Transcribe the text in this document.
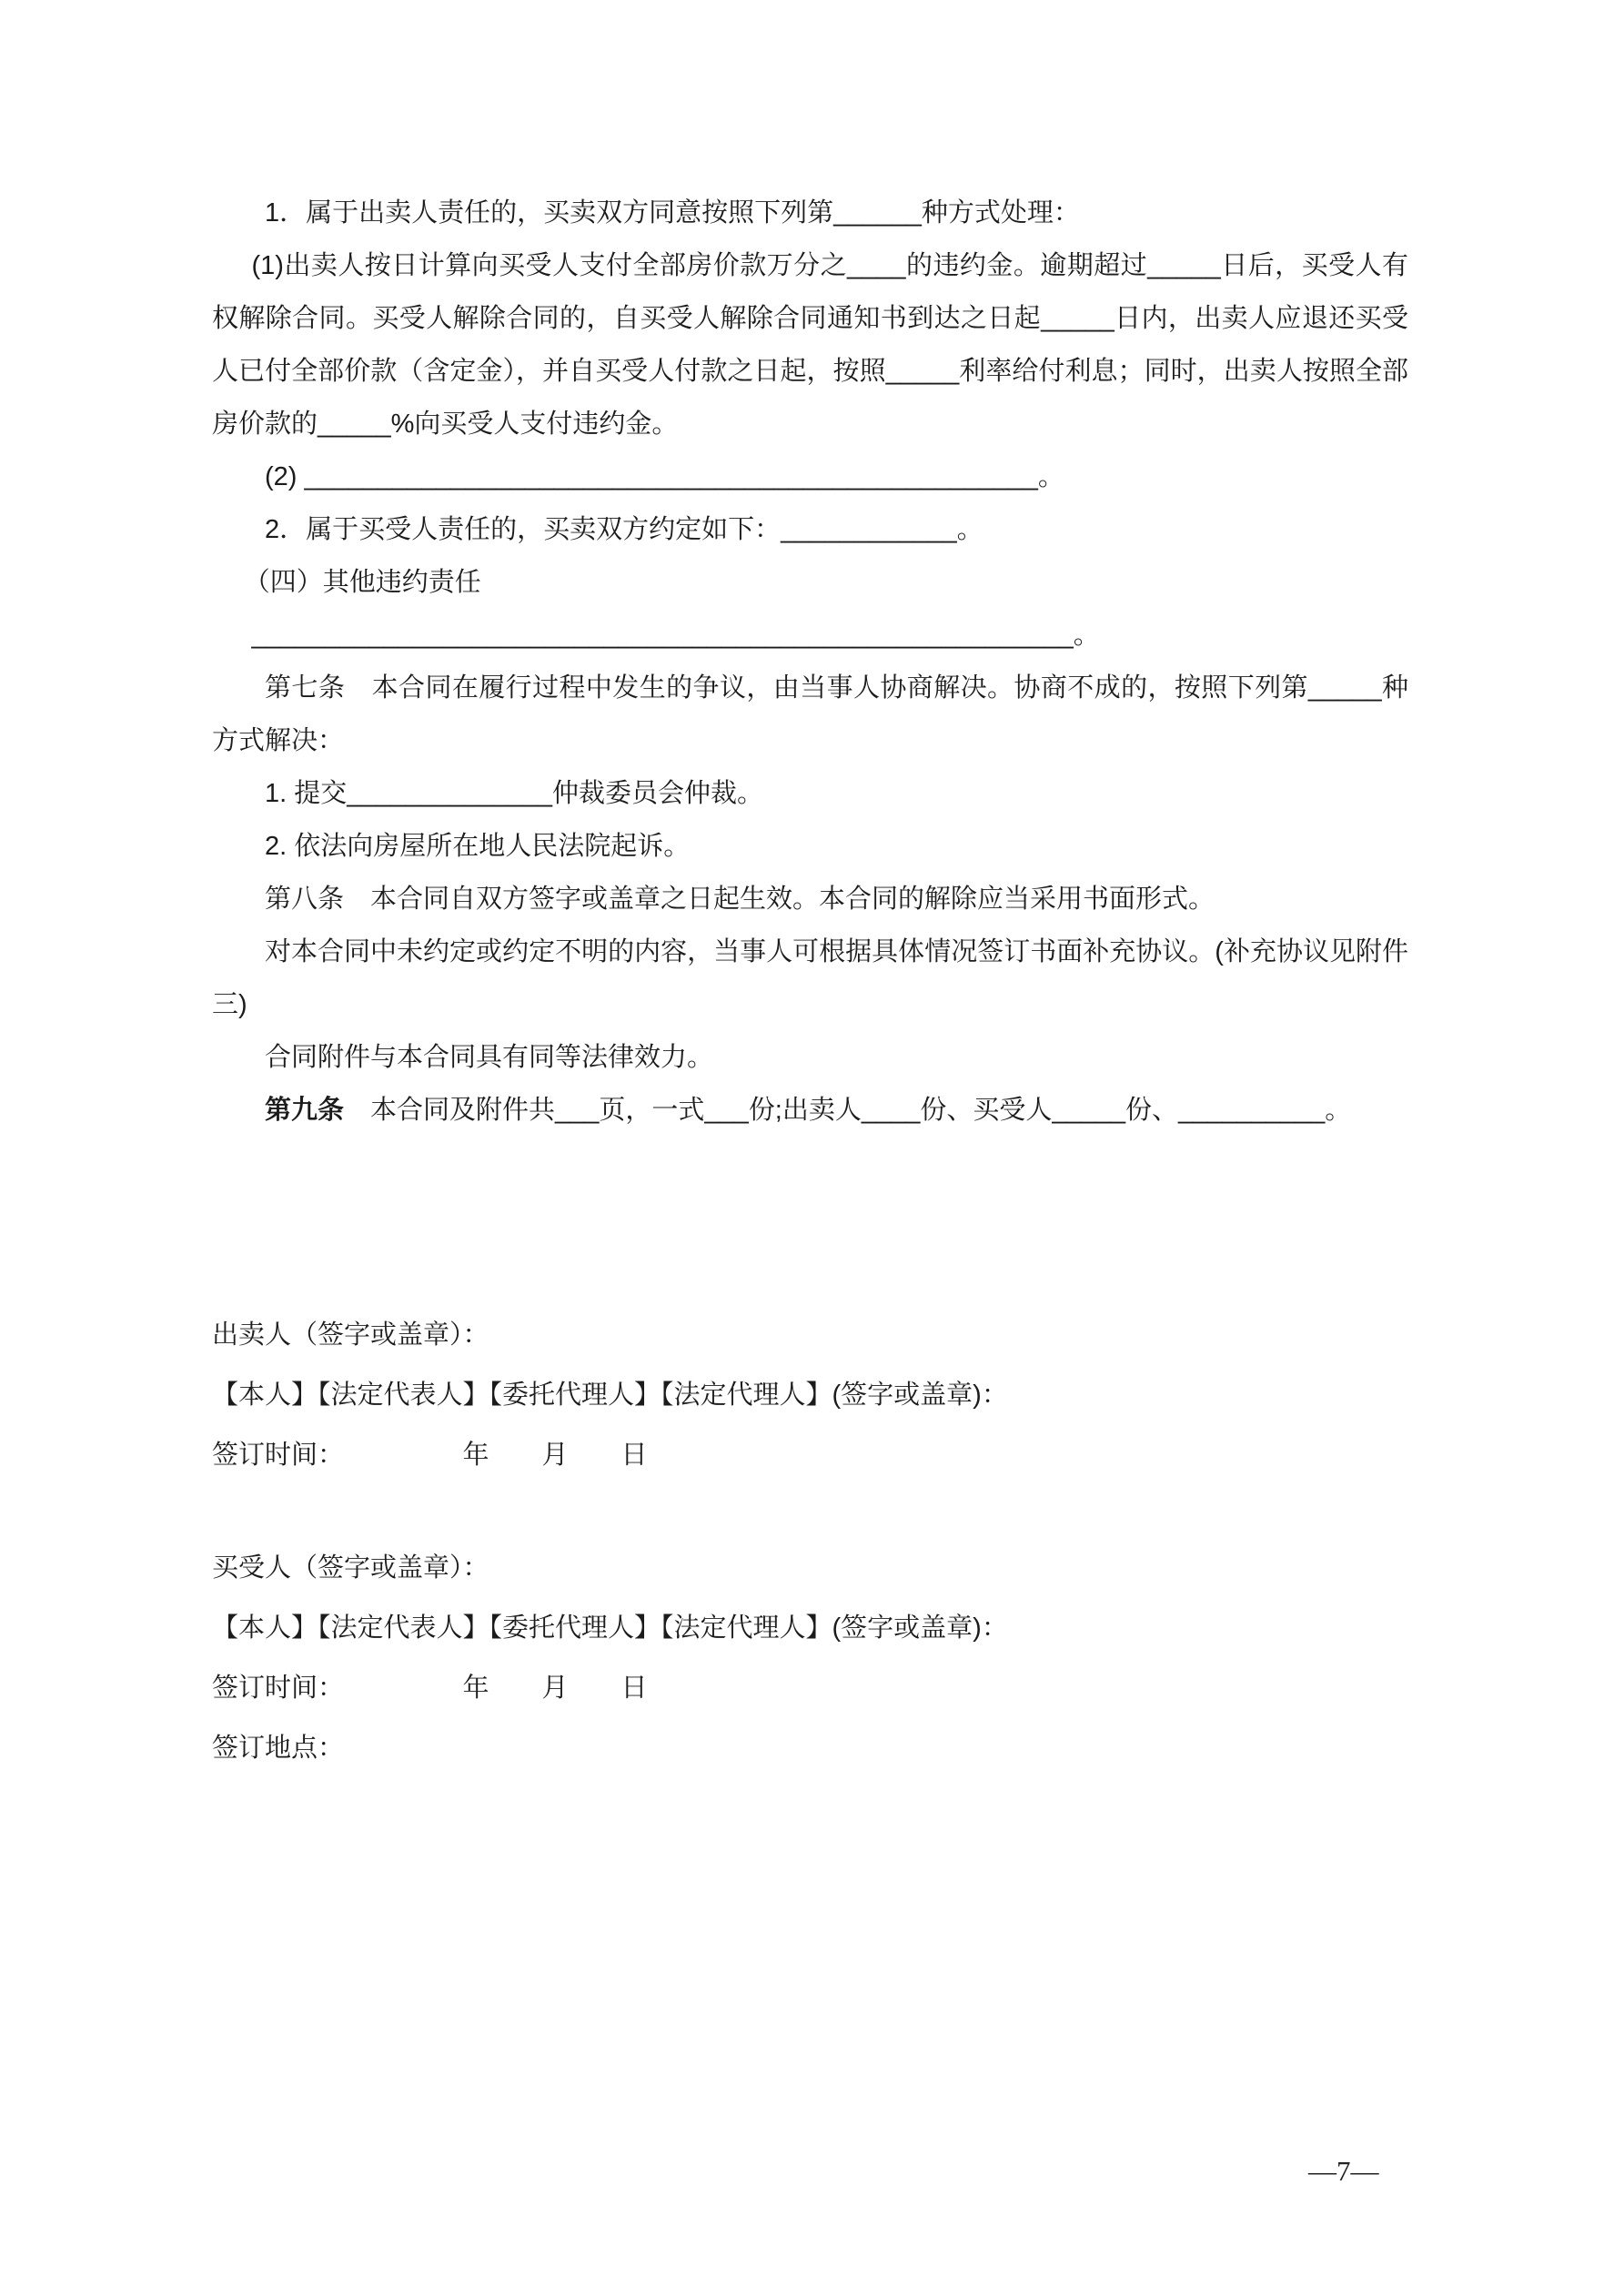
1．属于出卖人责任的，买卖双方同意按照下列第______种方式处理：

(1)出卖人按日计算向买受人支付全部房价款万分之____的违约金。逾期超过_____日后，买受人有权解除合同。买受人解除合同的，自买受人解除合同通知书到达之日起_____日内，出卖人应退还买受人已付全部价款（含定金），并自买受人付款之日起，按照_____利率给付利息；同时，出卖人按照全部房价款的_____%向买受人支付违约金。

(2) __________________________________________________。

2．属于买受人责任的，买卖双方约定如下：____________。

（四）其他违约责任

________________________________________________________。

第七条　本合同在履行过程中发生的争议，由当事人协商解决。协商不成的，按照下列第_____种方式解决：

1. 提交______________仲裁委员会仲裁。

2. 依法向房屋所在地人民法院起诉。

第八条　本合同自双方签字或盖章之日起生效。本合同的解除应当采用书面形式。

对本合同中未约定或约定不明的内容，当事人可根据具体情况签订书面补充协议。(补充协议见附件三)

合同附件与本合同具有同等法律效力。

第九条　本合同及附件共___页，一式___份;出卖人____份、买受人_____份、__________。

出卖人（签字或盖章）：

【本人】【法定代表人】【委托代理人】【法定代理人】(签字或盖章)：

签订时间：　　　　　年　　月　　日

买受人（签字或盖章）：

【本人】【法定代表人】【委托代理人】【法定代理人】(签字或盖章)：

签订时间：　　　　　年　　月　　日

签订地点：

—7—
